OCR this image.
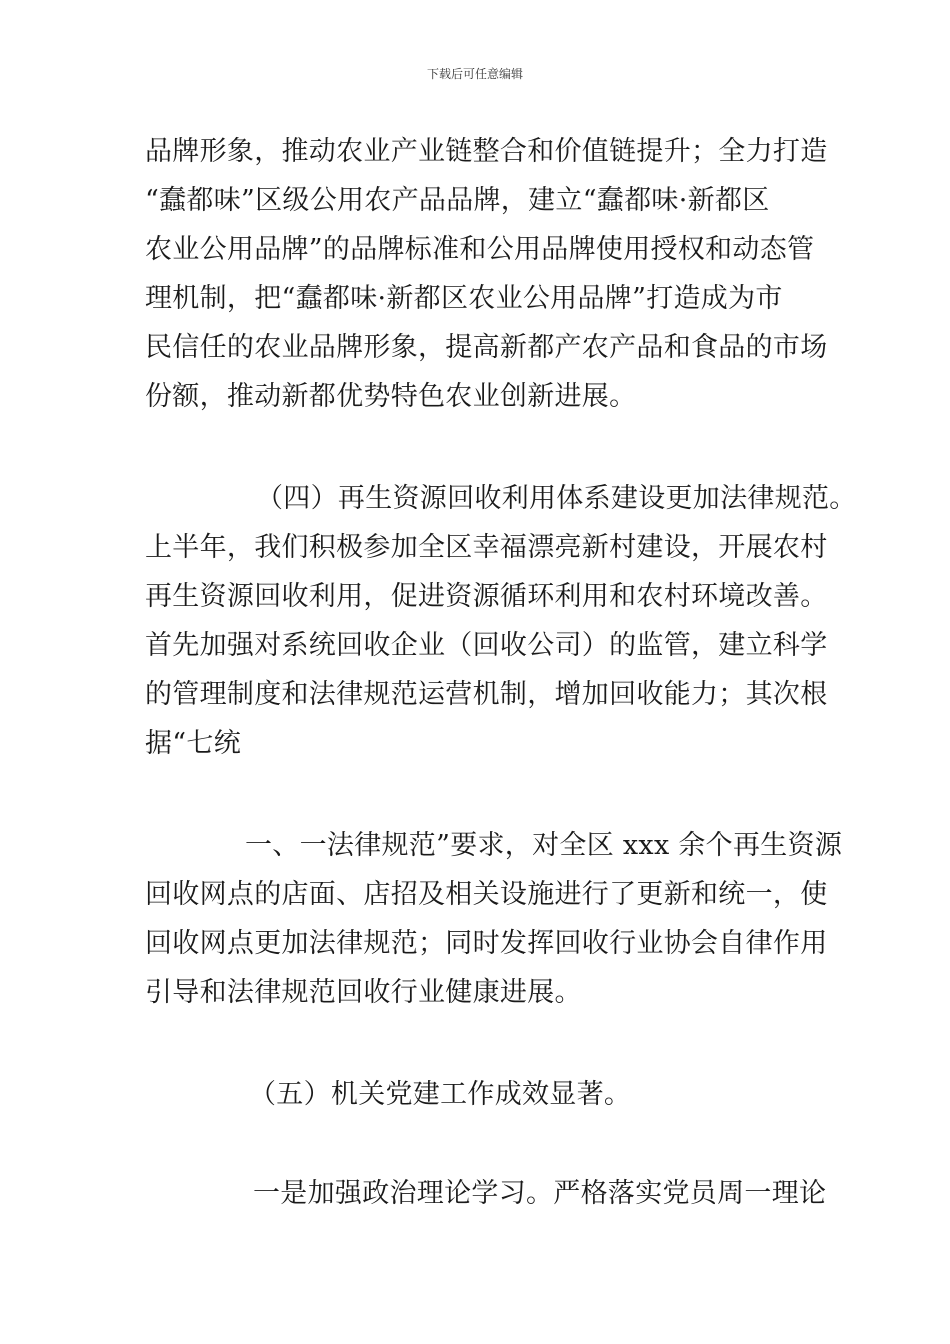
下载后可任意编辑
品牌形象，推动农业产业链整合和价值链提升；全力打造
“蠢都味”区级公用农产品品牌，建立“蠢都味·新都区
农业公用品牌”的品牌标准和公用品牌使用授权和动态管
理机制，把“蠢都味·新都区农业公用品牌”打造成为市
民信任的农业品牌形象，提高新都产农产品和食品的市场
份额，推动新都优势特色农业创新进展。
（四）再生资源回收利用体系建设更加法律规范。
上半年，我们积极参加全区幸福漂亮新村建设，开展农村
再生资源回收利用，促进资源循环利用和农村环境改善。
首先加强对系统回收企业（回收公司）的监管，建立科学
的管理制度和法律规范运营机制，增加回收能力；其次根
据“七统
一、一法律规范”要求，对全区 xxx 余个再生资源
回收网点的店面、店招及相关设施进行了更新和统一，使
回收网点更加法律规范；同时发挥回收行业协会自律作用
引导和法律规范回收行业健康进展。
（五）机关党建工作成效显著。
一是加强政治理论学习。严格落实党员周一理论
